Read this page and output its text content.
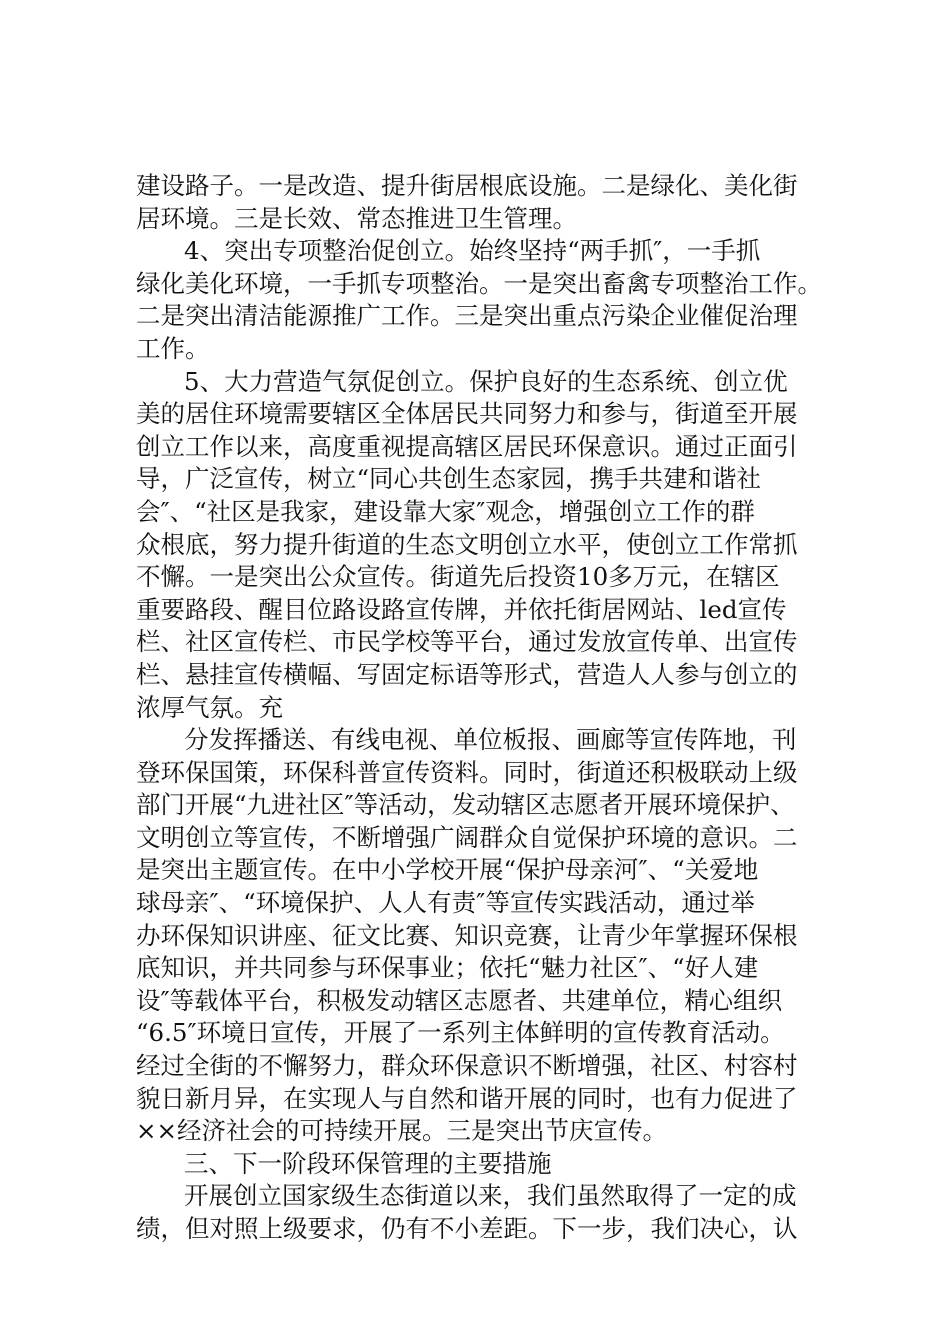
建设路子。一是改造、提升街居根底设施。二是绿化、美化街
居环境。三是长效、常态推进卫生管理。
4、突出专项整治促创立。始终坚持“两手抓″，一手抓
绿化美化环境，一手抓专项整治。一是突出畜禽专项整治工作。
二是突出清洁能源推广工作。三是突出重点污染企业催促治理
工作。
5、大力营造气氛促创立。保护良好的生态系统、创立优
美的居住环境需要辖区全体居民共同努力和参与，街道至开展
创立工作以来，高度重视提高辖区居民环保意识。通过正面引
导，广泛宣传，树立“同心共创生态家园，携手共建和谐社
会″、“社区是我家，建设靠大家″观念，增强创立工作的群
众根底，努力提升街道的生态文明创立水平，使创立工作常抓
不懈。一是突出公众宣传。街道先后投资10多万元，在辖区
重要路段、醒目位路设路宣传牌，并依托街居网站、led宣传
栏、社区宣传栏、市民学校等平台，通过发放宣传单、出宣传
栏、悬挂宣传横幅、写固定标语等形式，营造人人参与创立的
浓厚气氛。充
分发挥播送、有线电视、单位板报、画廊等宣传阵地，刊
登环保国策，环保科普宣传资料。同时，街道还积极联动上级
部门开展“九进社区″等活动，发动辖区志愿者开展环境保护、
文明创立等宣传，不断增强广阔群众自觉保护环境的意识。二
是突出主题宣传。在中小学校开展“保护母亲河″、“关爱地
球母亲″、“环境保护、人人有责″等宣传实践活动，通过举
办环保知识讲座、征文比赛、知识竞赛，让青少年掌握环保根
底知识，并共同参与环保事业；依托“魅力社区″、“好人建
设″等载体平台，积极发动辖区志愿者、共建单位，精心组织
“6.5″环境日宣传，开展了一系列主体鲜明的宣传教育活动。
经过全街的不懈努力，群众环保意识不断增强，社区、村容村
貌日新月异，在实现人与自然和谐开展的同时，也有力促进了
××经济社会的可持续开展。三是突出节庆宣传。
三、下一阶段环保管理的主要措施
开展创立国家级生态街道以来，我们虽然取得了一定的成
绩，但对照上级要求，仍有不小差距。下一步，我们决心，认
